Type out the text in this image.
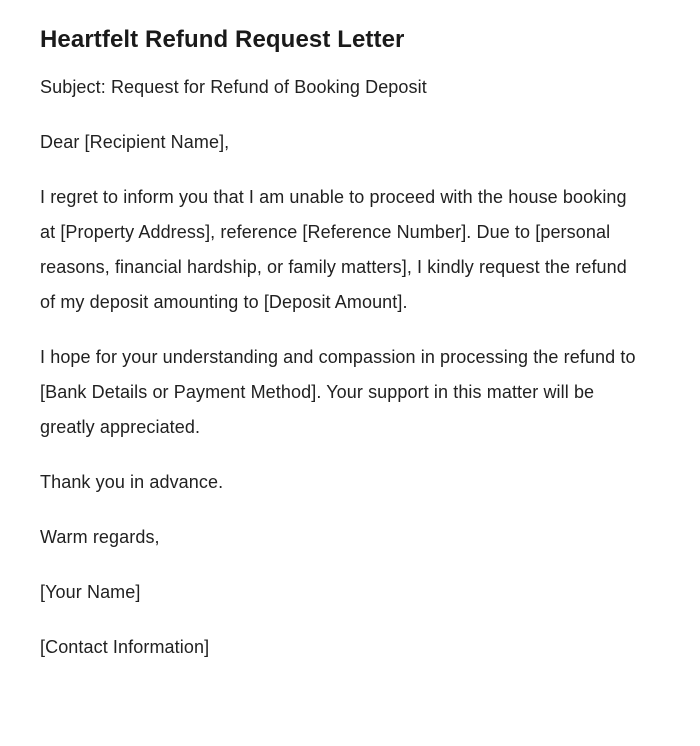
Heartfelt Refund Request Letter

Subject: Request for Refund of Booking Deposit

Dear [Recipient Name],

I regret to inform you that I am unable to proceed with the house booking at [Property Address], reference [Reference Number]. Due to [personal reasons, financial hardship, or family matters], I kindly request the refund of my deposit amounting to [Deposit Amount].

I hope for your understanding and compassion in processing the refund to [Bank Details or Payment Method]. Your support in this matter will be greatly appreciated.

Thank you in advance.

Warm regards,

[Your Name]

[Contact Information]
